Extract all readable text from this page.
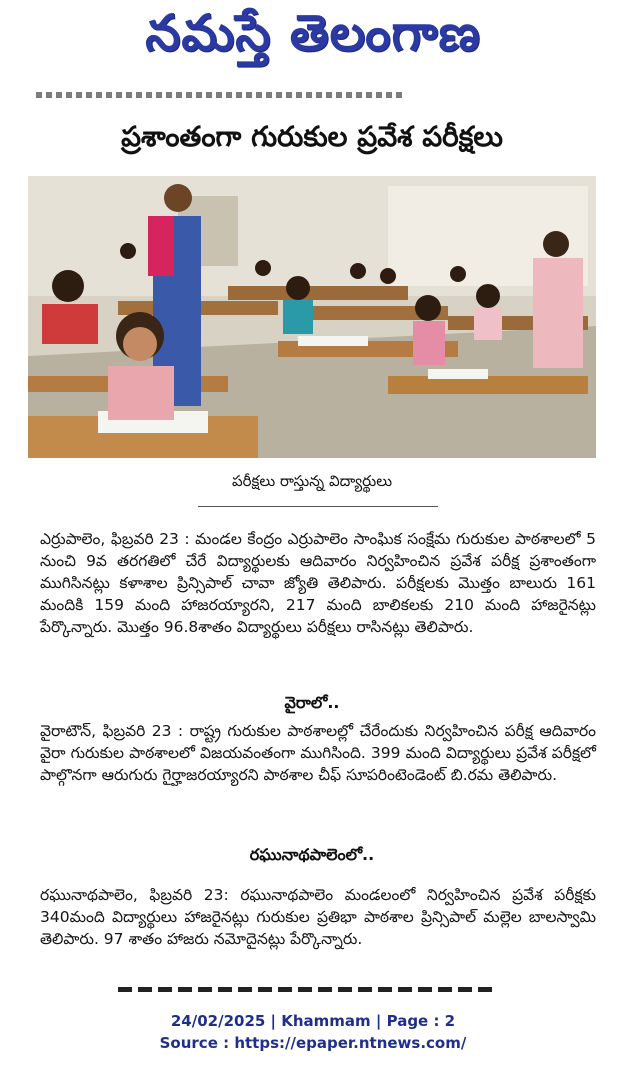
నమస్తే తెలంగాణ
ప్రశాంతంగా గురుకుల ప్రవేశ పరీక్షలు
పరీక్షలు రాస్తున్న విద్యార్థులు
ఎర్రుపాలెం, ఫిబ్రవరి 23 : మండల కేంద్రం ఎర్రుపాలెం సాంఘిక సంక్షేమ గురుకుల పాఠశాలలో 5 నుంచి 9వ తరగతిలో చేరే విద్యార్థులకు ఆదివారం నిర్వహించిన ప్రవేశ పరీక్ష ప్రశాంతంగా ముగిసినట్లు కళాశాల ప్రిన్సిపాల్ చావా జ్యోతి తెలిపారు. పరీక్షలకు మొత్తం బాలురు 161 మందికి 159 మంది హాజరయ్యారని, 217 మంది బాలికలకు 210 మంది హాజరైనట్లు పేర్కొన్నారు. మొత్తం 96.8శాతం విద్యార్థులు పరీక్షలు రాసినట్లు తెలిపారు.
వైరాలో..
వైరాటౌన్, ఫిబ్రవరి 23 : రాష్ట్ర గురుకుల పాఠశాలల్లో చేరేందుకు నిర్వహించిన పరీక్ష ఆదివారం వైరా గురుకుల పాఠశాలలో విజయవంతంగా ముగిసింది. 399 మంది విద్యార్థులు ప్రవేశ పరీక్షలో పాల్గొనగా ఆరుగురు గైర్హాజరయ్యారని పాఠశాల చీఫ్ సూపరింటెండెంట్ బి.రమ తెలిపారు.
రఘునాథపాలెంలో..
రఘునాథపాలెం, ఫిబ్రవరి 23: రఘునాథపాలెం మండలంలో నిర్వహించిన ప్రవేశ పరీక్షకు 340మంది విద్యార్థులు హాజరైనట్లు గురుకుల ప్రతిభా పాఠశాల ప్రిన్సిపాల్ మల్లెల బాలస్వామి తెలిపారు. 97 శాతం హాజరు నమోదైనట్లు పేర్కొన్నారు.
24/02/2025 | Khammam | Page : 2
Source : https://epaper.ntnews.com/
